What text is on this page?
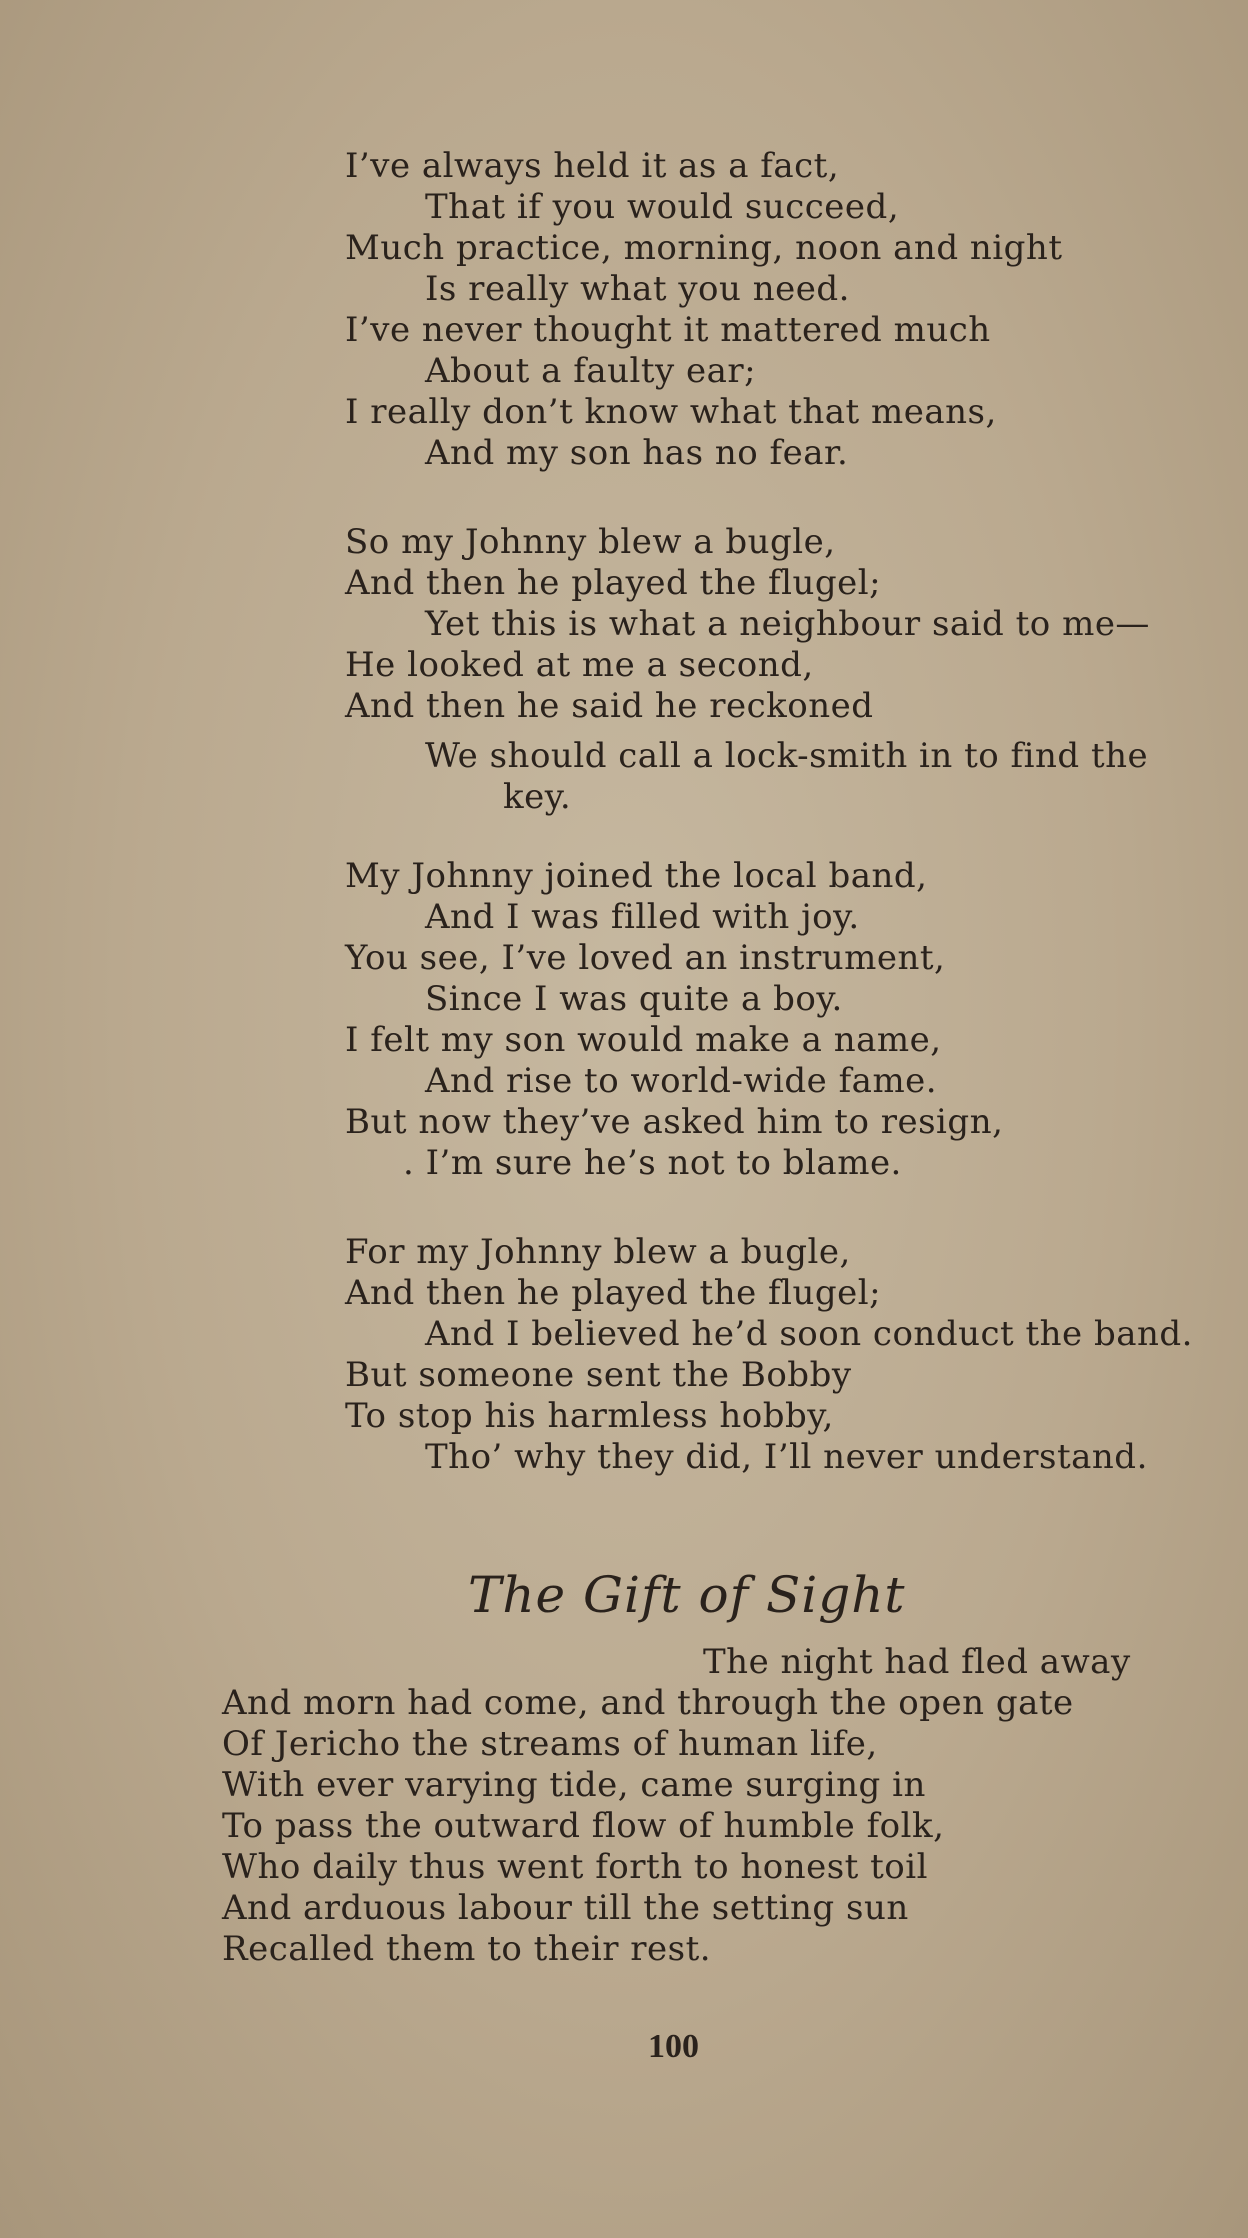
I’ve always held it as a fact,
That if you would succeed,
Much practice, morning, noon and night
Is really what you need.
I’ve never thought it mattered much
About a faulty ear;
I really don’t know what that means,
And my son has no fear.
So my Johnny blew a bugle,
And then he played the flugel;
Yet this is what a neighbour said to me—
He looked at me a second,
And then he said he reckoned
We should call a lock-smith in to find the
key.
My Johnny joined the local band,
And I was filled with joy.
You see, I’ve loved an instrument,
Since I was quite a boy.
I felt my son would make a name,
And rise to world-wide fame.
But now they’ve asked him to resign,
. I’m sure he’s not to blame.
For my Johnny blew a bugle,
And then he played the flugel;
And I believed he’d soon conduct the band.
But someone sent the Bobby
To stop his harmless hobby,
Tho’ why they did, I’ll never understand.
The Gift of Sight
The night had fled away
And morn had come, and through the open gate
Of Jericho the streams of human life,
With ever varying tide, came surging in
To pass the outward flow of humble folk,
Who daily thus went forth to honest toil
And arduous labour till the setting sun
Recalled them to their rest.
100
